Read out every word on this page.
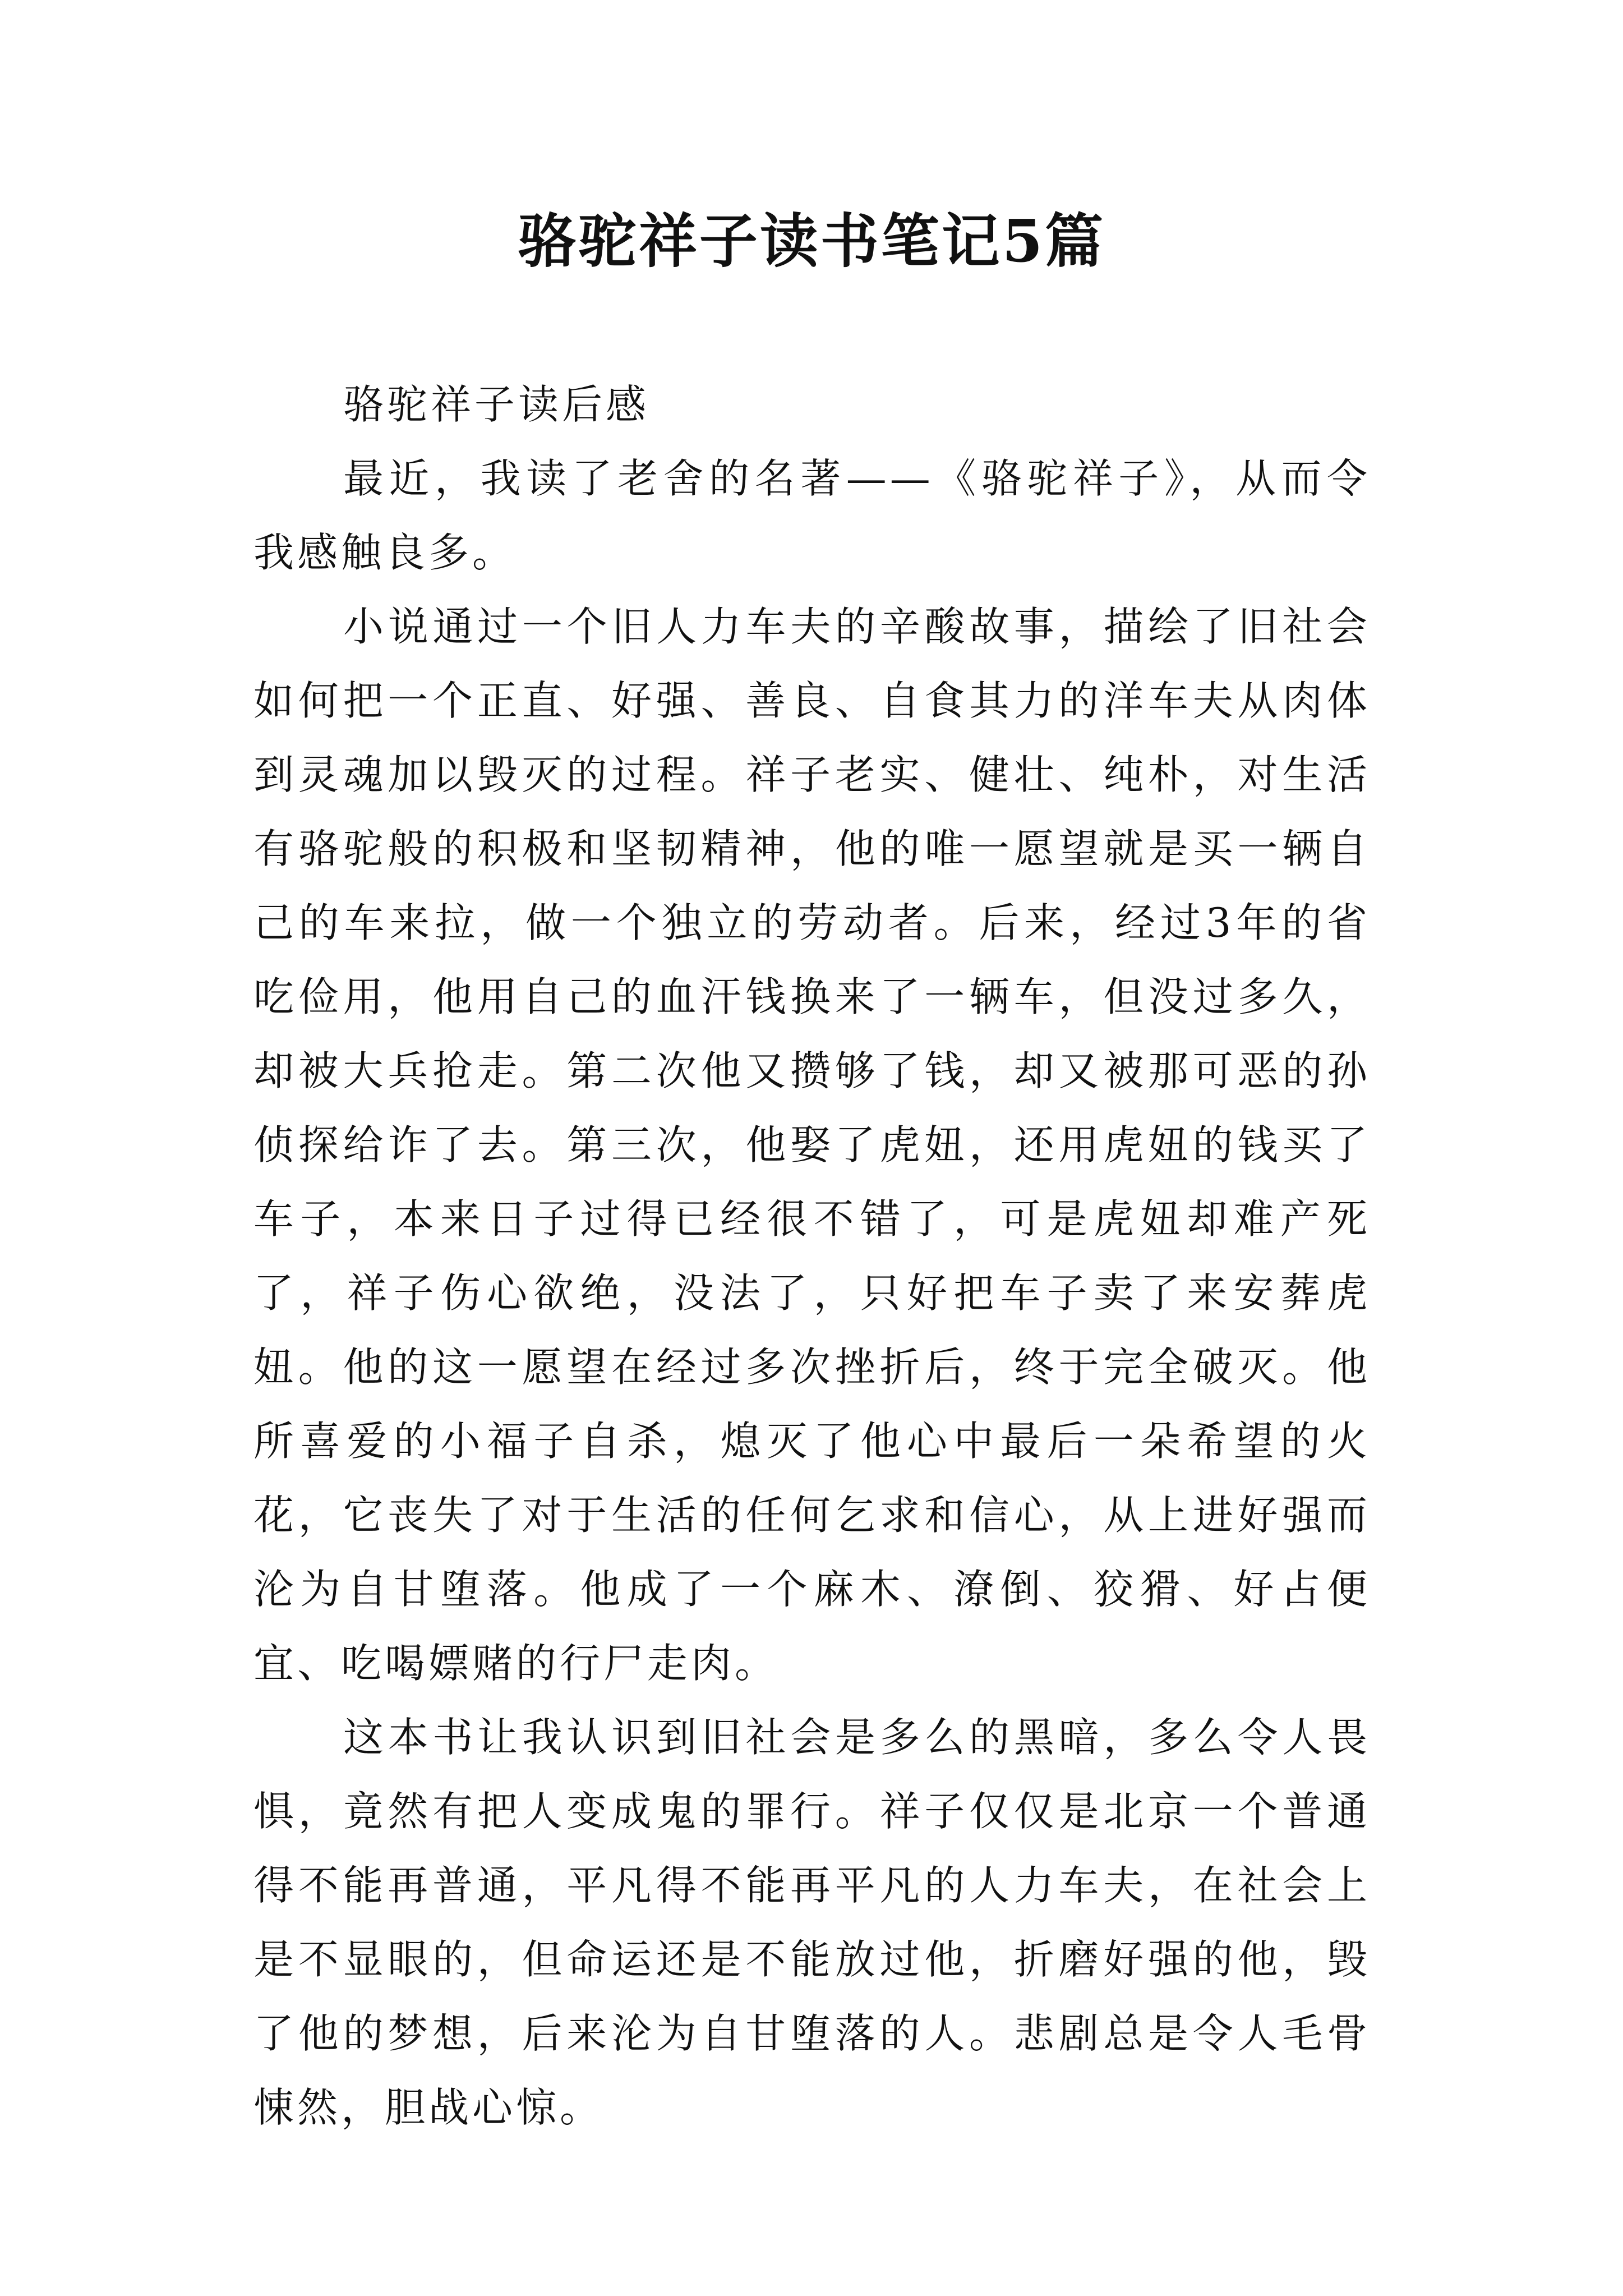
骆驼祥子读书笔记5篇

骆驼祥子读后感

最近，我读了老舍的名著——《骆驼祥子》，从而令我感触良多。

小说通过一个旧人力车夫的辛酸故事，描绘了旧社会如何把一个正直、好强、善良、自食其力的洋车夫从肉体到灵魂加以毁灭的过程。祥子老实、健壮、纯朴，对生活有骆驼般的积极和坚韧精神，他的唯一愿望就是买一辆自己的车来拉，做一个独立的劳动者。后来，经过3年的省吃俭用，他用自己的血汗钱换来了一辆车，但没过多久，却被大兵抢走。第二次他又攒够了钱，却又被那可恶的孙侦探给诈了去。第三次，他娶了虎妞，还用虎妞的钱买了车子，本来日子过得已经很不错了，可是虎妞却难产死了，祥子伤心欲绝，没法了，只好把车子卖了来安葬虎妞。他的这一愿望在经过多次挫折后，终于完全破灭。他所喜爱的小福子自杀，熄灭了他心中最后一朵希望的火花，它丧失了对于生活的任何乞求和信心，从上进好强而沦为自甘堕落。他成了一个麻木、潦倒、狡猾、好占便宜、吃喝嫖赌的行尸走肉。

这本书让我认识到旧社会是多么的黑暗，多么令人畏惧，竟然有把人变成鬼的罪行。祥子仅仅是北京一个普通得不能再普通，平凡得不能再平凡的人力车夫，在社会上是不显眼的，但命运还是不能放过他，折磨好强的他，毁了他的梦想，后来沦为自甘堕落的人。悲剧总是令人毛骨悚然，胆战心惊。
